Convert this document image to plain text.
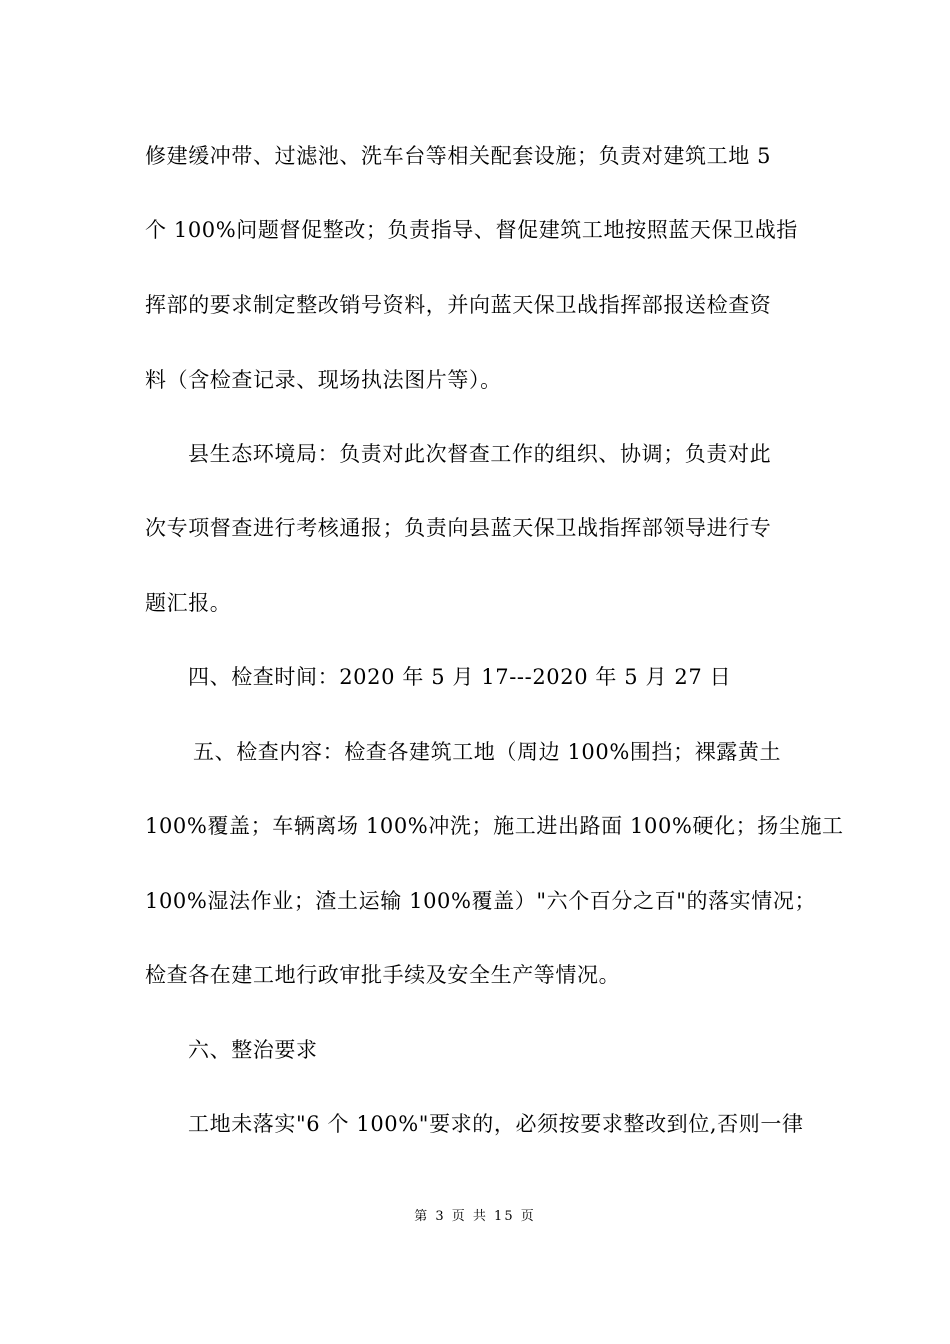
修建缓冲带、过滤池、洗车台等相关配套设施；负责对建筑工地 5
个 100%问题督促整改；负责指导、督促建筑工地按照蓝天保卫战指
挥部的要求制定整改销号资料，并向蓝天保卫战指挥部报送检查资
料（含检查记录、现场执法图片等）。
县生态环境局：负责对此次督查工作的组织、协调；负责对此
次专项督查进行考核通报；负责向县蓝天保卫战指挥部领导进行专
题汇报。
四、检查时间：2020 年 5 月 17---2020 年 5 月 27 日
五、检查内容：检查各建筑工地（周边 100%围挡；裸露黄土
100%覆盖；车辆离场 100%冲洗；施工进出路面 100%硬化；扬尘施工
100%湿法作业；渣土运输 100%覆盖）"六个百分之百"的落实情况；
检查各在建工地行政审批手续及安全生产等情况。
六、整治要求
工地未落实"6 个 100%"要求的，必须按要求整改到位,否则一律
第 3 页 共 15 页
